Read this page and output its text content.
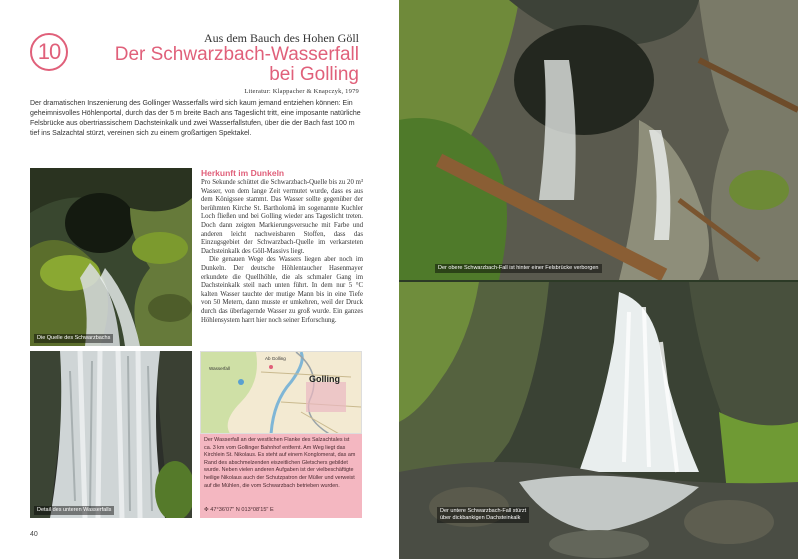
10
Aus dem Bauch des Hohen Göll
Der Schwarzbach-Wasserfall
bei Golling
Literatur: Klappacher & Knapczyk, 1979

Der dramatischen Inszenierung des Gollinger Wasserfalls wird sich kaum jemand entziehen können: Ein geheimnisvolles Höhlenportal, durch das der 5 m breite Bach ans Tageslicht tritt, eine imposante natürliche Felsbrücke aus obertriassischem Dachsteinkalk und zwei Wasserfallstufen, über die der Bach fast 100 m tief ins Salzachtal stürzt, vereinen sich zu einem großartigen Spektakel.

Die Quelle des Schwarzbachs
Detail des unteren Wasserfalls
Herkunft im Dunkeln

Pro Sekunde schüttet die Schwarzbach-Quelle bis zu 20 m³ Wasser, von dem lange Zeit vermutet wurde, dass es aus dem Königssee stammt. Das Wasser sollte gegenüber der berühmten Kirche St. Bartholomä im sogenannte Kuchler Loch fließen und bei Golling wieder ans Tageslicht treten. Doch dann zeigten Markierungsversuche mit Farbe und anderen leicht nachweisbaren Stoffen, dass das Einzugsgebiet der Schwarzbach-Quelle im verkarsteten Dachsteinkalk des Göll-Massivs liegt.

Die genauen Wege des Wassers liegen aber noch im Dunkeln. Der deutsche Höhlentaucher Hasenmayer erkundete die Quellhöhle, die als schmaler Gang im Dachsteinkalk steil nach unten führt. In dem nur 5 °C kalten Wasser tauchte der mutige Mann bis in eine Tiefe von 50 Metern, dann musste er umkehren, weil der Druck durch das überlagernde Wasser zu groß wurde. Ein ganzes Höhlensystem harrt hier noch seiner Erforschung.

Golling
Wasserfall
Ab Golling
Der Wasserfall an der westlichen Flanke des Salzachtales ist ca. 3 km vom Gollinger Bahnhof entfernt. Am Weg liegt das Kirchlein St. Nikolaus. Es steht auf einem Konglomerat, das am Rand des abschmelzenden eiszeitlichen Gletschers gebildet wurde. Neben vielen anderen Aufgaben ist der vielbeschäftigte heilige Nikolaus auch der Schutzpatron der Müller und verweist auf die Mühlen, die vom Schwarzbach betrieben wurden.
✜ 47°36'07" N 013°08'15" E
40
Der obere Schwarzbach-Fall ist hinter einer Felsbrücke verborgen
Der untere Schwarzbach-Fall stürzt
über dickbankigen Dachsteinkalk
